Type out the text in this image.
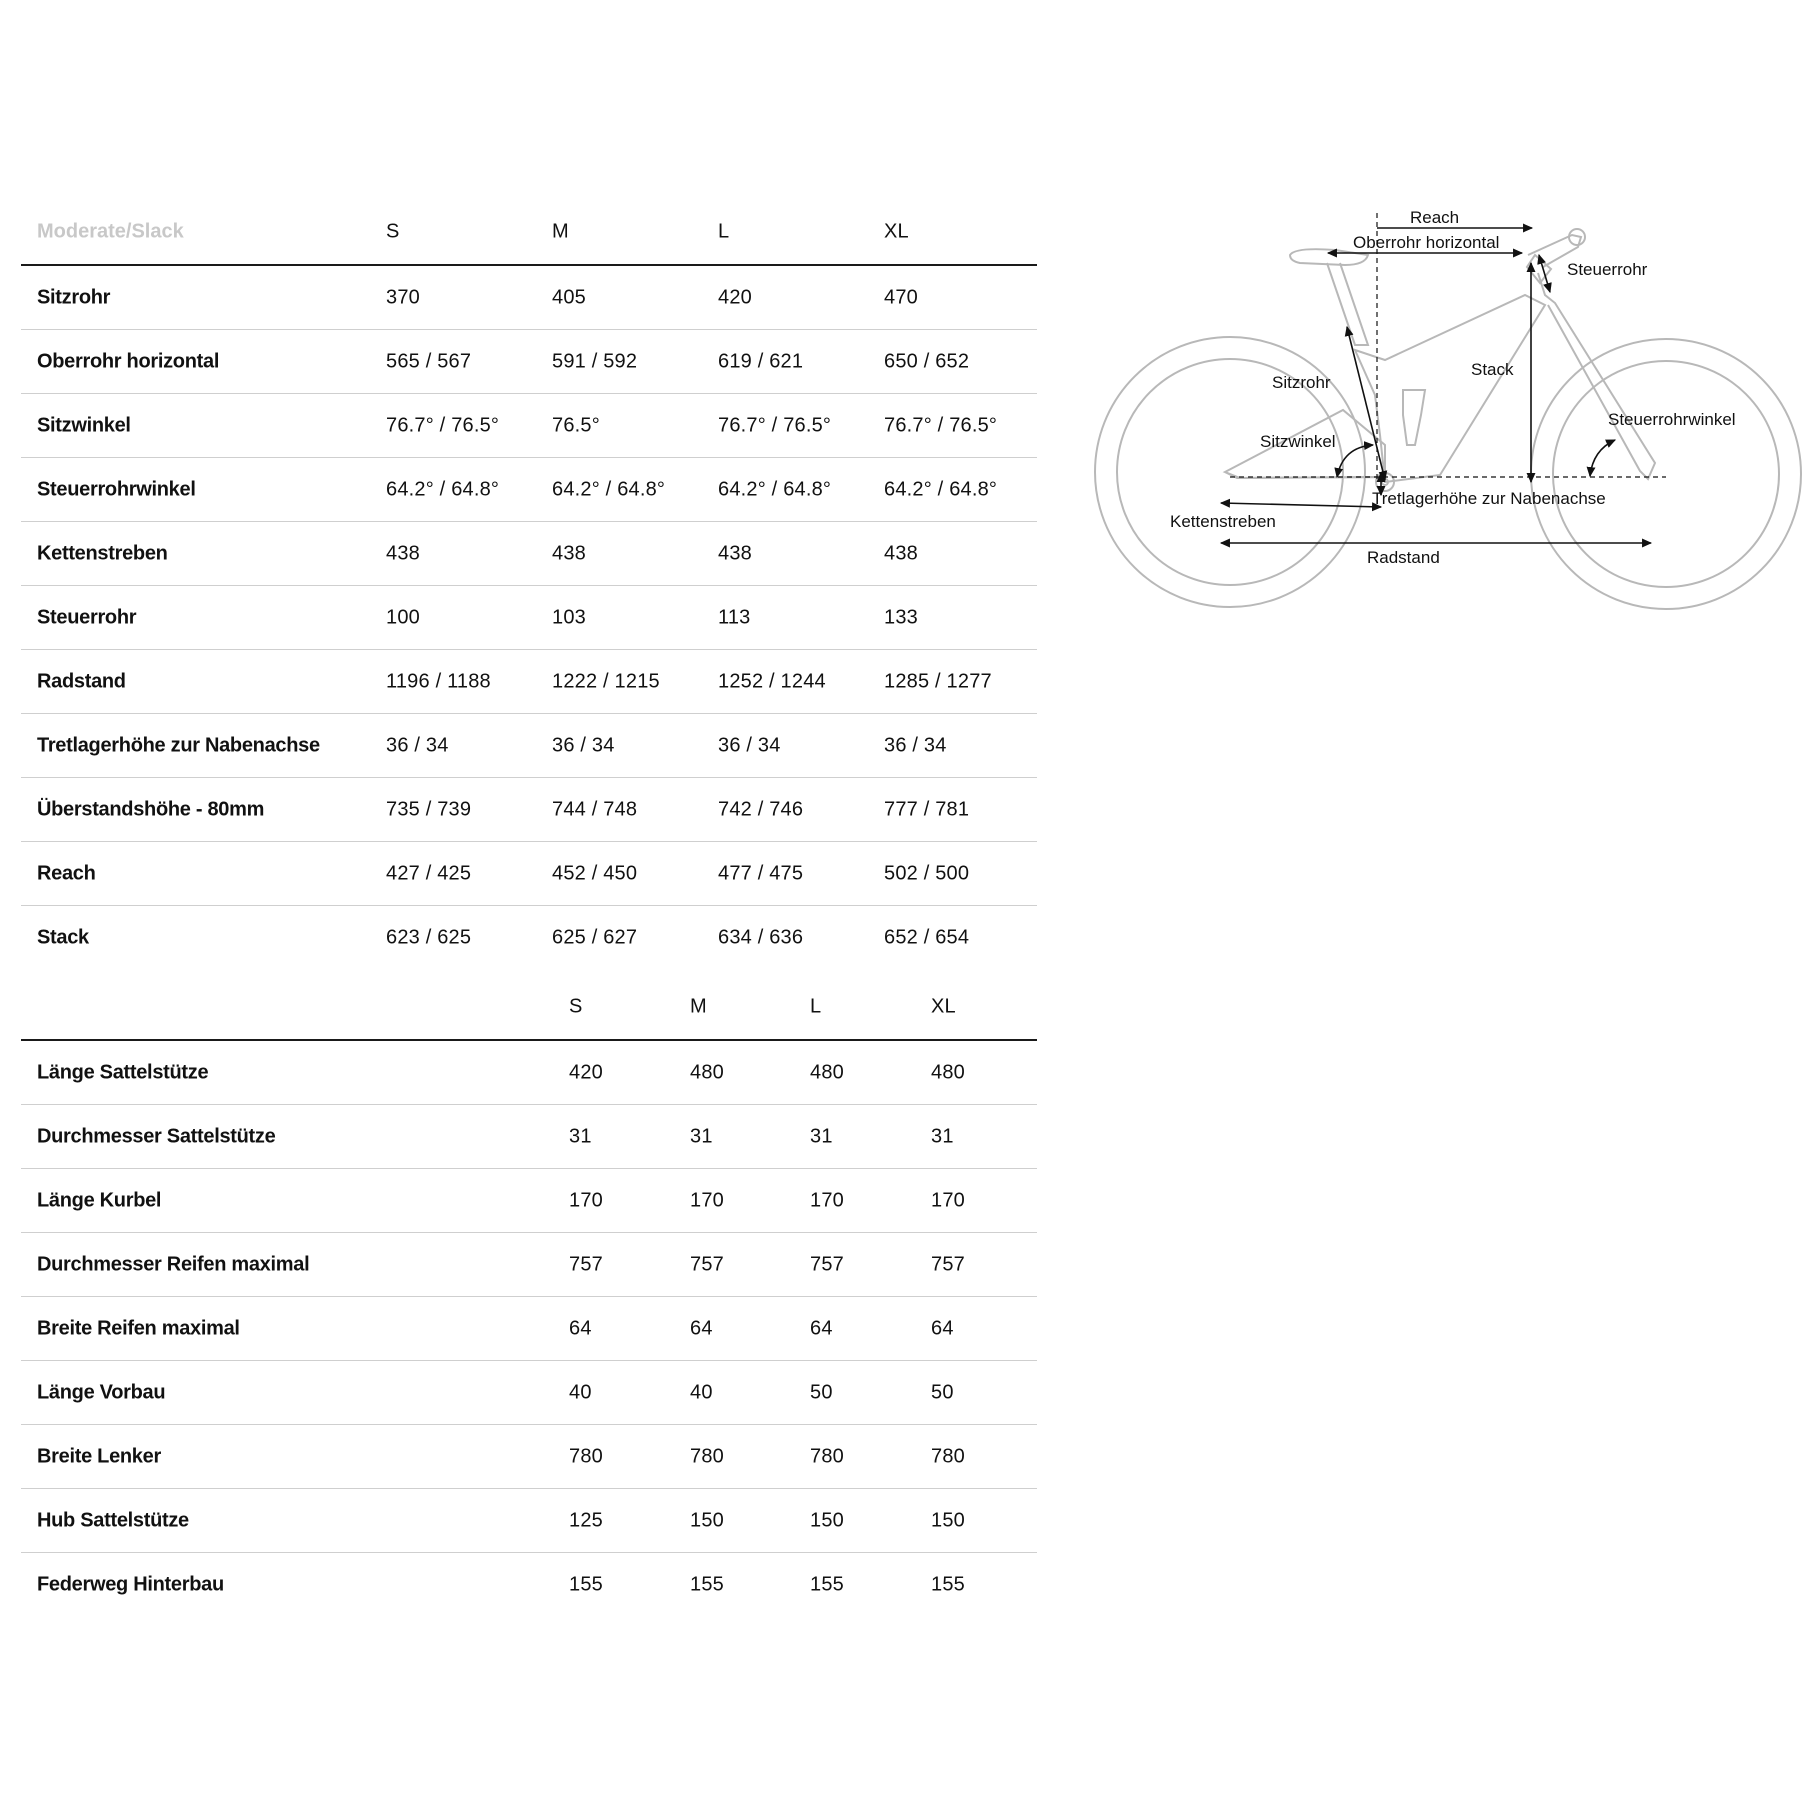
Moderate/Slack	S	M	L	XL
Sitzrohr	370	405	420	470
Oberrohr horizontal	565 / 567	591 / 592	619 / 621	650 / 652
Sitzwinkel	76.7° / 76.5°	76.5°	76.7° / 76.5°	76.7° / 76.5°
Steuerrohrwinkel	64.2° / 64.8°	64.2° / 64.8°	64.2° / 64.8°	64.2° / 64.8°
Kettenstreben	438	438	438	438
Steuerrohr	100	103	113	133
Radstand	1196 / 1188	1222 / 1215	1252 / 1244	1285 / 1277
Tretlagerhöhe zur Nabenachse	36 / 34	36 / 34	36 / 34	36 / 34
Überstandshöhe - 80mm	735 / 739	744 / 748	742 / 746	777 / 781
Reach	427 / 425	452 / 450	477 / 475	502 / 500
Stack	623 / 625	625 / 627	634 / 636	652 / 654
S	M	L	XL
Länge Sattelstütze	420	480	480	480
Durchmesser Sattelstütze	31	31	31	31
Länge Kurbel	170	170	170	170
Durchmesser Reifen maximal	757	757	757	757
Breite Reifen maximal	64	64	64	64
Länge Vorbau	40	40	50	50
Breite Lenker	780	780	780	780
Hub Sattelstütze	125	150	150	150
Federweg Hinterbau	155	155	155	155
Reach
Oberrohr horizontal
Steuerrohr
Sitzrohr
Stack
Steuerrohrwinkel
Sitzwinkel
Tretlagerhöhe zur Nabenachse
Kettenstreben
Radstand
